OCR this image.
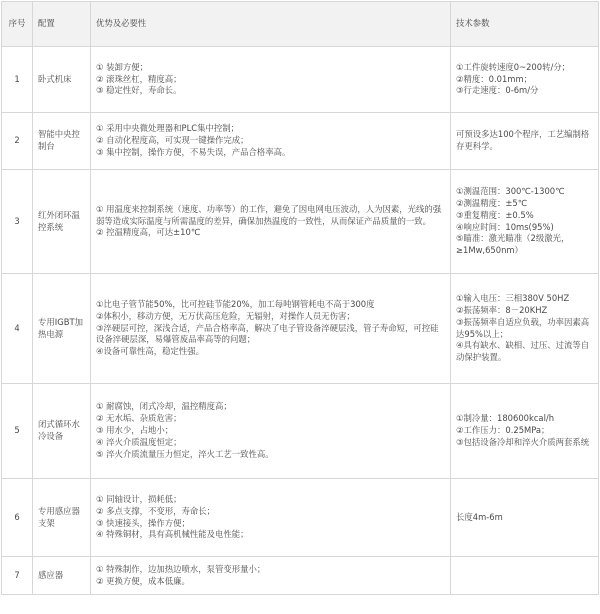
序号	配置	优势及必要性	技术参数
1	卧式机床	① 装卸方便；
② 滚珠丝杠，精度高；
③ 稳定性好，寿命长。	①工件旋转速度0~200转/分；
②精度：0.01mm；
③行走速度：0-6m/分

2	智能中央控制台	① 采用中央微处理器和PLC集中控制；
② 自动化程度高，可实现一键操作完成；
③ 集中控制，操作方便，不易失误，产品合格率高。	可预设多达100个程序，工艺编制格存更科学。

3	红外闭环温控系统	① 用温度来控制系统（速度、功率等）的工作，避免了因电网电压波动，人为因素，光线的强弱等造成实际温度与所需温度的差异，确保加热温度的一致性，从而保证产品质量的一致。
② 控温精度高，可达±10℃	①测温范围：300℃-1300℃
②测温精度：±5℃
③重复精度：±0.5%
④响应时间：10ms(95%)
⑤瞄准：激光瞄准（2级激光，≥1Mw,650nm）

4	专用IGBT加热电源	①比电子管节能50%，比可控硅节能20%，加工每吨钢管耗电不高于300度
②体积小，移动方便，无万伏高压危险，无辐射，对操作人员无伤害；
③淬硬层可控，深浅合适，产品合格率高，解决了电子管设备淬硬层浅，管子寿命短，可控硅设备淬硬层深，易爆管废品率高等的问题；
④设备可靠性高，稳定性强。	①输入电压：三相380V 50HZ
②振荡频率：8－20KHZ
③振荡频率自适应负载，功率因素高达95%以上；
④具有缺水、缺相、过压、过流等自动保护装置。

5	闭式循环水冷设备	① 耐腐蚀，闭式冷却，温控精度高；
② 无水垢、杂质危害；
③ 用水少，占地小；
④ 淬火介质温度恒定；
⑤ 淬火介质流量压力恒定，淬火工艺一致性高。	①制冷量：180600kcal/h
②工作压力：0.25MPa；
③包括设备冷却和淬火介质两套系统

6	专用感应器支架	① 同轴设计，损耗低；
② 多点支撑，不变形，寿命长；
③ 快速接头，操作方便；
④ 特殊铜材，具有高机械性能及电性能；	长度4m-6m

7	感应器	① 特殊制作，边加热边喷水，泵管变形量小；
② 更换方便，成本低廉。	
